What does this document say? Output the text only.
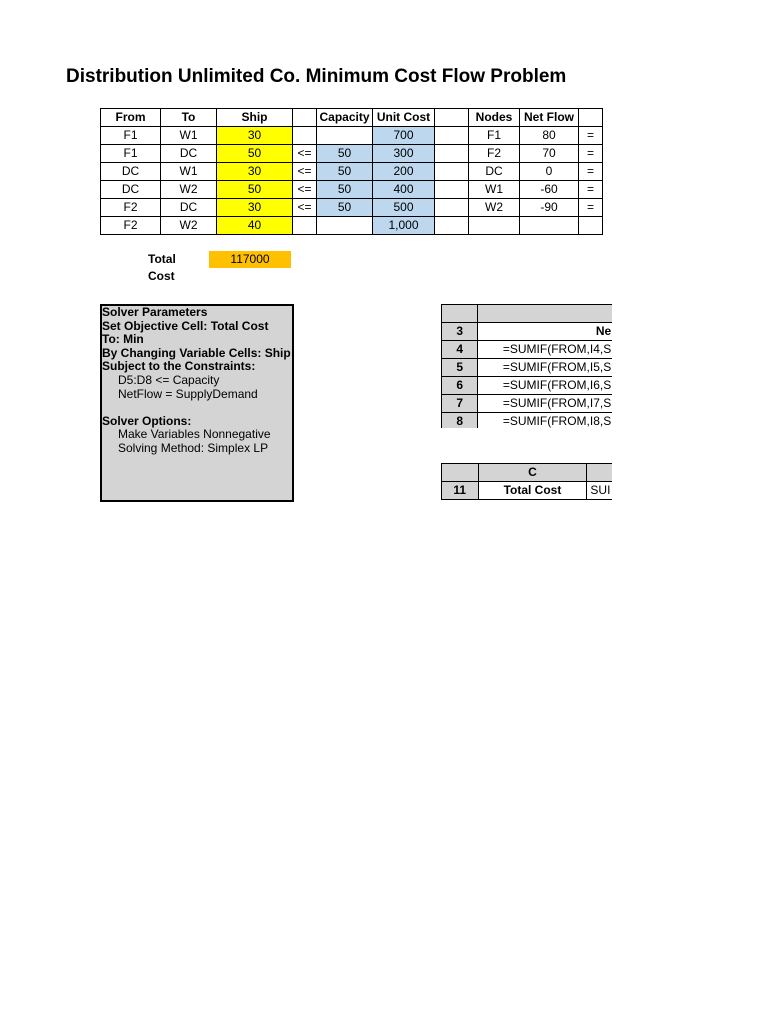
Distribution Unlimited Co. Minimum Cost Flow Problem
From	To	Ship		Capacity	Unit Cost		Nodes	Net Flow	
F1	W1	30			700		F1	80	=
F1	DC	50	<=	50	300		F2	70	=
DC	W1	30	<=	50	200		DC	0	=
DC	W2	50	<=	50	400		W1	-60	=
F2	DC	30	<=	50	500		W2	-90	=
F2	W2	40			1,000				
Total Cost
117000
Solver Parameters
Set Objective Cell: Total Cost
To: Min
By Changing Variable Cells: Ship
Subject to the Constraints:
D5:D8 <= Capacity
NetFlow = SupplyDemand
Solver Options:
Make Variables Nonnegative
Solving Method: Simplex LP

3	Ne	
4	=SUMIF(FROM,I4,S	
5	=SUMIF(FROM,I5,S	
6	=SUMIF(FROM,I6,S	
7	=SUMIF(FROM,I7,S	
8	=SUMIF(FROM,I8,S	
	C	
11	Total Cost	SUI
